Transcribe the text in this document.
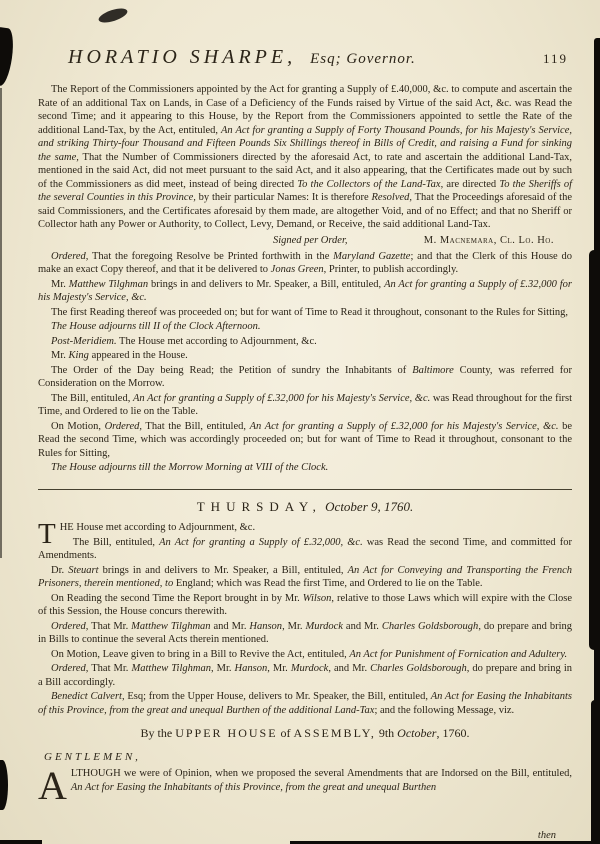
HORATIO SHARPE, Esq; Governor.	119

The Report of the Commissioners appointed by the Act for granting a Supply of £.40,000, &c. to compute and ascertain the Rate of an additional Tax on Lands, in Case of a Deficiency of the Funds raised by Virtue of the said Act, &c. was Read the second Time; and it appearing to this House, by the Report from the Commissioners appointed to settle the Rate of the additional Land-Tax, by the Act, entituled, An Act for granting a Supply of Forty Thousand Pounds, for his Majesty's Service, and striking Thirty-four Thousand and Fifteen Pounds Six Shillings thereof in Bills of Credit, and raising a Fund for sinking the same, That the Number of Commissioners directed by the aforesaid Act, to rate and ascertain the additional Land-Tax, mentioned in the said Act, did not meet pursuant to the said Act, and it also appearing, that the Certificates made out by such of the Commissioners as did meet, instead of being directed To the Collectors of the Land-Tax, are directed To the Sheriffs of the several Counties in this Province, by their particular Names: It is therefore Resolved, That the Proceedings aforesaid of the said Commissioners, and the Certificates aforesaid by them made, are altogether Void, and of no Effect; and that no Sheriff or Collector hath any Power or Authority, to Collect, Levy, Demand, or Receive, the said additional Land-Tax.

Signed per Order,	M. Macnemara, Cl. Lo. Ho.

Ordered, That the foregoing Resolve be Printed forthwith in the Maryland Gazette; and that the Clerk of this House do make an exact Copy thereof, and that it be delivered to Jonas Green, Printer, to publish accordingly.

Mr. Matthew Tilghman brings in and delivers to Mr. Speaker, a Bill, entituled, An Act for granting a Supply of £.32,000 for his Majesty's Service, &c.

The first Reading thereof was proceeded on; but for want of Time to Read it throughout, consonant to the Rules for Sitting,

The House adjourns till II of the Clock Afternoon.

Post-Meridiem. The House met according to Adjournment, &c.

Mr. King appeared in the House.

The Order of the Day being Read; the Petition of sundry the Inhabitants of Baltimore County, was referred for Consideration on the Morrow.

The Bill, entituled, An Act for granting a Supply of £.32,000 for his Majesty's Service, &c. was Read throughout for the first Time, and Ordered to lie on the Table.

On Motion, Ordered, That the Bill, entituled, An Act for granting a Supply of £.32,000 for his Majesty's Service, &c. be Read the second Time, which was accordingly proceeded on; but for want of Time to Read it throughout, consonant to the Rules for Sitting,

The House adjourns till the Morrow Morning at VIII of the Clock.

THURSDAY, October 9, 1760.

THE House met according to Adjournment, &c.

The Bill, entituled, An Act for granting a Supply of £.32,000, &c. was Read the second Time, and committed for Amendments.

Dr. Steuart brings in and delivers to Mr. Speaker, a Bill, entituled, An Act for Conveying and Transporting the French Prisoners, therein mentioned, to England; which was Read the first Time, and Ordered to lie on the Table.

On Reading the second Time the Report brought in by Mr. Wilson, relative to those Laws which will expire with the Close of this Session, the House concurs therewith.

Ordered, That Mr. Matthew Tilghman and Mr. Hanson, Mr. Murdock and Mr. Charles Goldsborough, do prepare and bring in Bills to continue the several Acts therein mentioned.

On Motion, Leave given to bring in a Bill to Revive the Act, entituled, An Act for Punishment of Fornication and Adultery.

Ordered, That Mr. Matthew Tilghman, Mr. Hanson, Mr. Murdock, and Mr. Charles Goldsborough, do prepare and bring in a Bill accordingly.

Benedict Calvert, Esq; from the Upper House, delivers to Mr. Speaker, the Bill, entituled, An Act for Easing the Inhabitants of this Province, from the great and unequal Burthen of the additional Land-Tax; and the following Message, viz.

By the UPPER HOUSE of ASSEMBLY, 9th October, 1760.

GENTLEMEN,

ALTHOUGH we were of Opinion, when we proposed the several Amendments that are Indorsed on the Bill, entituled, An Act for Easing the Inhabitants of this Province, from the great and unequal Burthen

then
